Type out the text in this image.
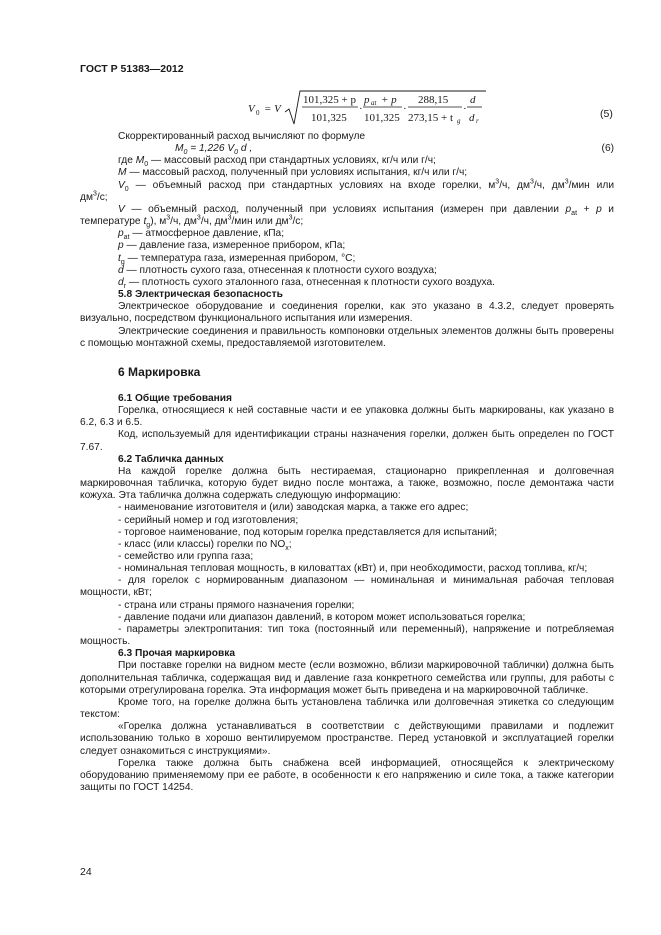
ГОСТ Р 51383—2012
V 0 = V
101,325 + p
101,325
·
p at + p
101,325
·
288,15
273,15 + t g
·
d
d r
(5)

Скорректированный расход вычисляют по формуле

$M_0 = 1,226$ $V_0$ d ,	(6)
где $M_0$ — массовый расход при стандартных условиях, кг/ч или г/ч;
M — массовый расход, полученный при условиях испытания, кг/ч или г/ч;
$V_0$ — объемный расход при стандартных условиях на входе горелки, $м^3/ч$, $дм^3/ч$, $дм^3$/мин или
$дм^3/с$;
V — объемный расход, полученный при условиях испытания (измерен при давлении $p_{at} + p$ и
температуре $t_g$), $м^3/ч$, $дм^3/ч$, $дм^3$/мин или $дм^3/с$;
$p_{at}$ — атмосферное давление, кПа;
p — давление газа, измеренное прибором, кПа;
$t_g$ — температура газа, измеренная прибором, °С;
d — плотность сухого газа, отнесенная к плотности сухого воздуха;
$d_r$ — плотность сухого эталонного газа, отнесенная к плотности сухого воздуха.
5.8 Электрическая безопасность

Электрическое оборудование и соединения горелки, как это указано в 4.3.2, следует проверять визуально, посредством функционального испытания или измерения.

Электрические соединения и правильность компоновки отдельных элементов должны быть проверены с помощью монтажной схемы, предоставляемой изготовителем.

6 Маркировка
6.1 Общие требования

Горелка, относящиеся к ней составные части и ее упаковка должны быть маркированы, как указано в 6.2, 6.3 и 6.5.

Код, используемый для идентификации страны назначения горелки, должен быть определен по ГОСТ 7.67.

6.2 Табличка данных

На каждой горелке должна быть нестираемая, стационарно прикрепленная и долговечная маркировочная табличка, которую будет видно после монтажа, а также, возможно, после демонтажа части кожуха. Эта табличка должна содержать следующую информацию:

- наименование изготовителя и (или) заводская марка, а также его адрес;

- серийный номер и год изготовления;

- торговое наименование, под которым горелка представляется для испытаний;

- класс (или классы) горелки по $NO_x$;

- семейство или группа газа;

- номинальная тепловая мощность, в киловаттах (кВт) и, при необходимости, расход топлива, кг/ч;

- для горелок с нормированным диапазоном — номинальная и минимальная рабочая тепловая мощности, кВт;

- страна или страны прямого назначения горелки;

- давление подачи или диапазон давлений, в котором может использоваться горелка;

- параметры электропитания: тип тока (постоянный или переменный), напряжение и потребляемая мощность.

6.3 Прочая маркировка

При поставке горелки на видном месте (если возможно, вблизи маркировочной таблички) должна быть дополнительная табличка, содержащая вид и давление газа конкретного семейства или группы, для работы с которыми отрегулирована горелка. Эта информация может быть приведена и на маркировочной табличке.

Кроме того, на горелке должна быть установлена табличка или долговечная этикетка со следующим текстом:

«Горелка должна устанавливаться в соответствии с действующими правилами и подлежит использованию только в хорошо вентилируемом пространстве. Перед установкой и эксплуатацией горелки следует ознакомиться с инструкциями».

Горелка также должна быть снабжена всей информацией, относящейся к электрическому оборудованию применяемому при ее работе, в особенности к его напряжению и силе тока, а также категории защиты по ГОСТ 14254.

24
